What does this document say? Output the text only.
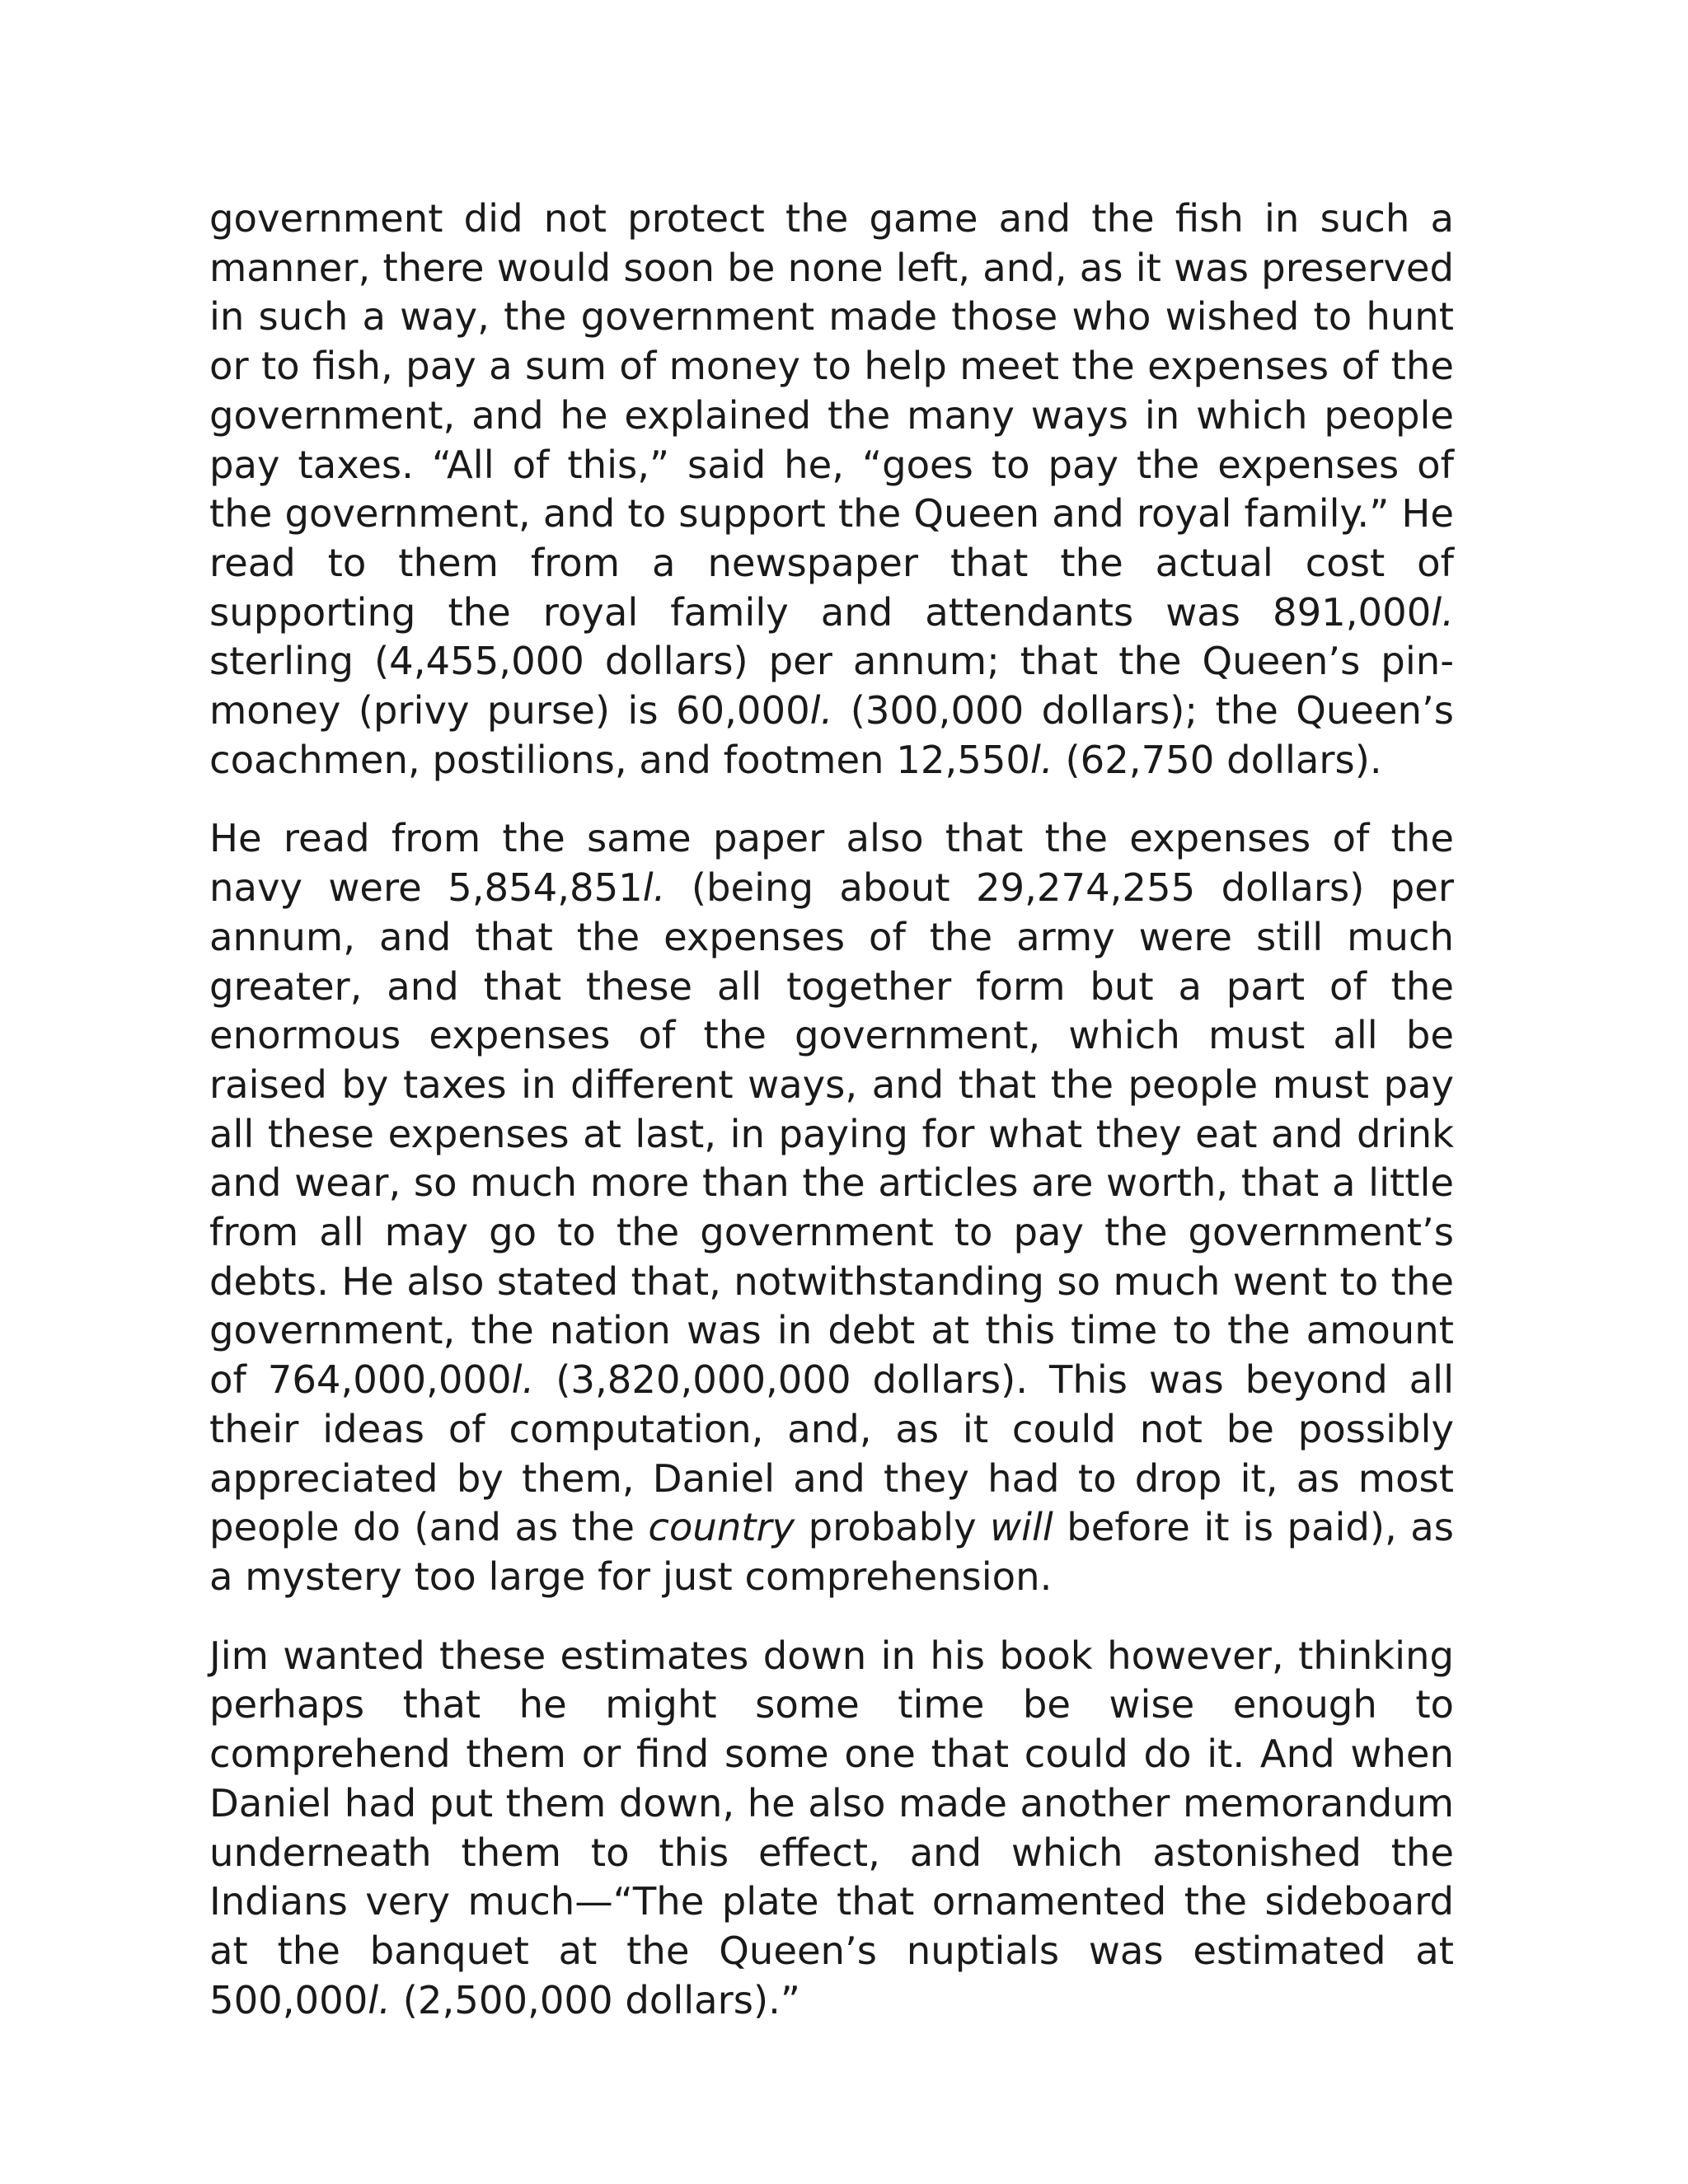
government did not protect the game and the fish in such a manner, there would soon be none left, and, as it was preserved in such a way, the government made those who wished to hunt or to fish, pay a sum of money to help meet the expenses of the government, and he explained the many ways in which people pay taxes. “All of this,” said he, “goes to pay the expenses of the government, and to support the Queen and royal family.” He read to them from a newspaper that the actual cost of supporting the royal family and attendants was 891,000l. sterling (4,455,000 dollars) per annum; that the Queen’s pin-money (privy purse) is 60,000l. (300,000 dollars); the Queen’s coachmen, postilions, and footmen 12,550l. (62,750 dollars).

He read from the same paper also that the expenses of the navy were 5,854,851l. (being about 29,274,255 dollars) per annum, and that the expenses of the army were still much greater, and that these all together form but a part of the enormous expenses of the government, which must all be raised by taxes in different ways, and that the people must pay all these expenses at last, in paying for what they eat and drink and wear, so much more than the articles are worth, that a little from all may go to the government to pay the government’s debts. He also stated that, notwithstanding so much went to the government, the nation was in debt at this time to the amount of 764,000,000l. (3,820,000,000 dollars). This was beyond all their ideas of computation, and, as it could not be possibly appreciated by them, Daniel and they had to drop it, as most people do (and as the country probably will before it is paid), as a mystery too large for just comprehension.

Jim wanted these estimates down in his book however, thinking perhaps that he might some time be wise enough to comprehend them or find some one that could do it. And when Daniel had put them down, he also made another memorandum underneath them to this effect, and which astonished the Indians very much—“The plate that ornamented the sideboard at the banquet at the Queen’s nuptials was estimated at 500,000l. (2,500,000 dollars).”
